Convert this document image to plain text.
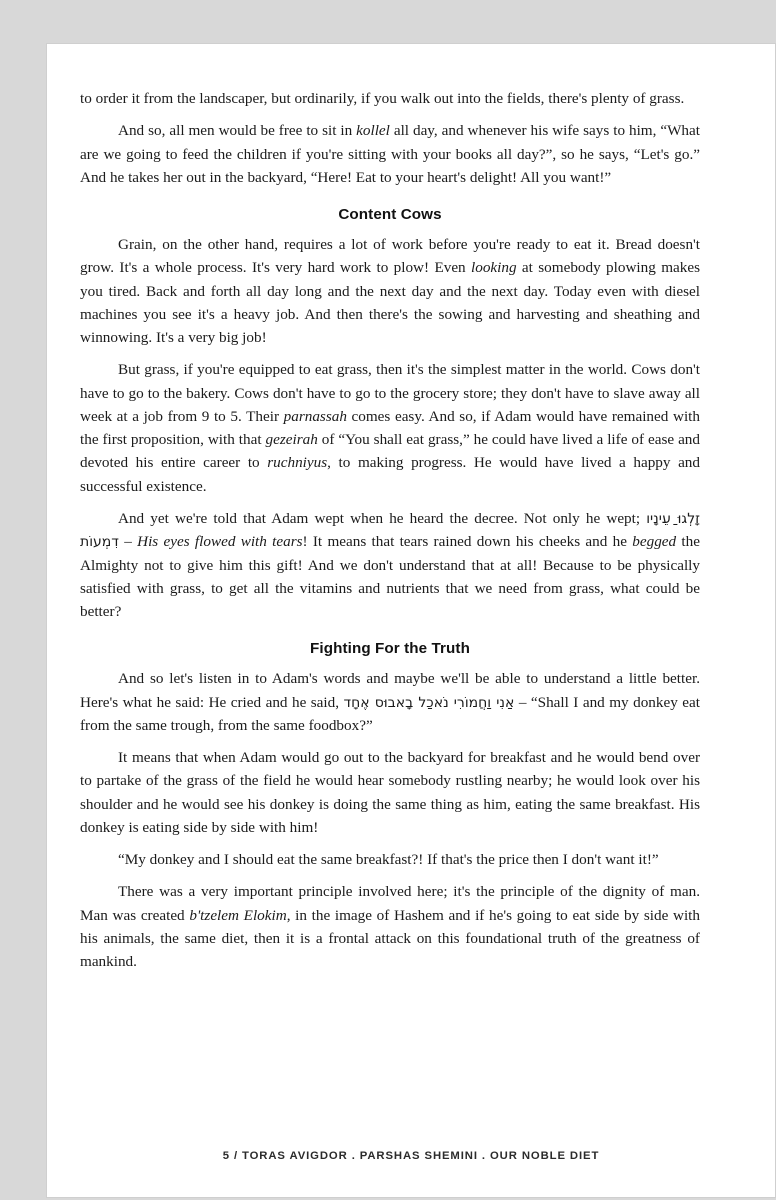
to order it from the landscaper, but ordinarily, if you walk out into the fields, there's plenty of grass.

And so, all men would be free to sit in kollel all day, and whenever his wife says to him, “What are we going to feed the children if you're sitting with your books all day?”, so he says, “Let's go.” And he takes her out in the backyard, “Here! Eat to your heart's delight! All you want!”

Content Cows

Grain, on the other hand, requires a lot of work before you're ready to eat it. Bread doesn't grow. It's a whole process. It's very hard work to plow! Even looking at somebody plowing makes you tired. Back and forth all day long and the next day and the next day. Today even with diesel machines you see it's a heavy job. And then there's the sowing and harvesting and sheathing and winnowing. It's a very big job!

But grass, if you're equipped to eat grass, then it's the simplest matter in the world. Cows don't have to go to the bakery. Cows don't have to go to the grocery store; they don't have to slave away all week at a job from 9 to 5. Their parnassah comes easy. And so, if Adam would have remained with the first proposition, with that gezeirah of “You shall eat grass,” he could have lived a life of ease and devoted his entire career to ruchniyus, to making progress. He would have lived a happy and successful existence.

And yet we're told that Adam wept when he heard the decree. Not only he wept; זָלְגוּ ַעֵינָיו דִמְעוֹת – His eyes flowed with tears! It means that tears rained down his cheeks and he begged the Almighty not to give him this gift! And we don't understand that at all! Because to be physically satisfied with grass, to get all the vitamins and nutrients that we need from grass, what could be better?

Fighting For the Truth

And so let's listen in to Adam's words and maybe we'll be able to understand a little better. Here's what he said: He cried and he said, אַנִי וַחֲמוֹרִי נֹאכַל בָאבוּס אֶחָד – “Shall I and my donkey eat from the same trough, from the same foodbox?”

It means that when Adam would go out to the backyard for breakfast and he would bend over to partake of the grass of the field he would hear somebody rustling nearby; he would look over his shoulder and he would see his donkey is doing the same thing as him, eating the same breakfast. His donkey is eating side by side with him!

“My donkey and I should eat the same breakfast?! If that's the price then I don't want it!”

There was a very important principle involved here; it's the principle of the dignity of man. Man was created b'tzelem Elokim, in the image of Hashem and if he's going to eat side by side with his animals, the same diet, then it is a frontal attack on this foundational truth of the greatness of mankind.

5 / TORAS AVIGDOR . PARSHAS SHEMINI . OUR NOBLE DIET
